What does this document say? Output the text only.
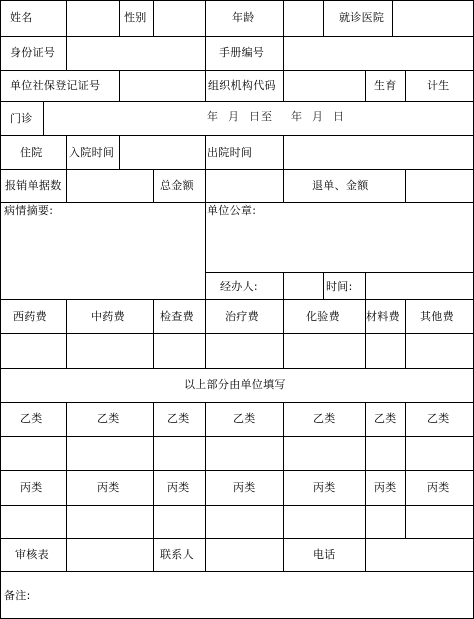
姓名	性别	年龄	就诊医院
身份证号	手册编号
单位社保登记证号	组织机构代码	生育	计生
门诊	年  月  日至    年  月  日
住院 入院时间	出院时间
报销单据数	总金额	退单、金额
病情摘要:	单位公章:
经办人:	时间:
西药费	中药费	检查费	治疗费	化验费 材料费 其他费
以上部分由单位填写
乙类	乙类	乙类	乙类	乙类	乙类	乙类
丙类	丙类	丙类	丙类	丙类	丙类	丙类
审核表	联系人	电话
备注:
